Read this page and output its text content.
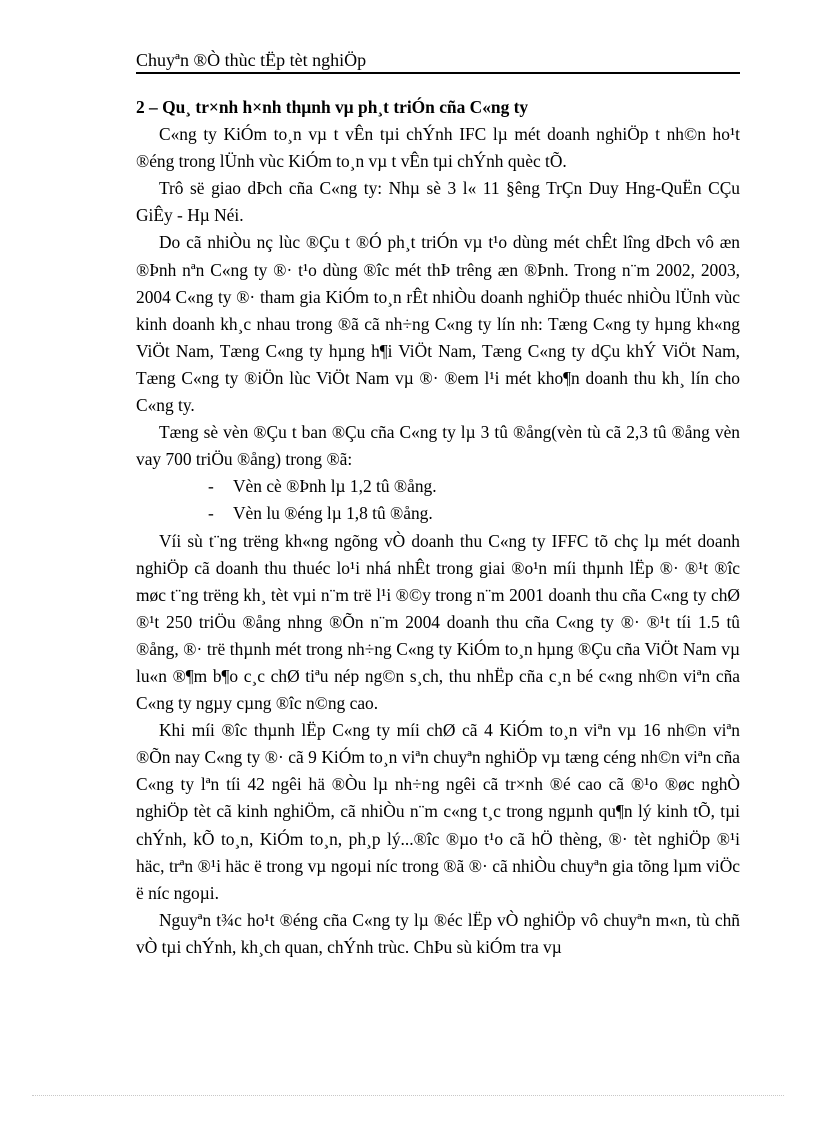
Chuyªn ®Ò thùc tËp tèt nghiÖp
2 – Qu¸ tr×nh h×nh thµnh vµ ph¸t triÓn cña C«ng ty

C«ng ty KiÓm to¸n vµ t vÊn tµi chÝnh IFC lµ mét doanh nghiÖp t nh©n ho¹t ®éng trong lÜnh vùc KiÓm to¸n vµ t vÊn tµi chÝnh quèc tÕ.

Trô së giao dÞch cña C«ng ty: Nhµ sè 3 l« 11 §êng TrÇn Duy Hng-QuËn CÇu GiÊy - Hµ Néi.

Do cã nhiÒu nç lùc ®Çu t ®Ó ph¸t triÓn vµ t¹o dùng mét chÊt lîng dÞch vô æn ®Þnh nªn C«ng ty ®· t¹o dùng ®îc mét thÞ trêng æn ®Þnh. Trong n¨m 2002, 2003, 2004 C«ng ty ®· tham gia KiÓm to¸n rÊt nhiÒu doanh nghiÖp thuéc nhiÒu lÜnh vùc kinh doanh kh¸c nhau trong ®ã cã nh÷ng C«ng ty lín nh: Tæng C«ng ty hµng kh«ng ViÖt Nam, Tæng C«ng ty hµng h¶i ViÖt Nam, Tæng C«ng ty dÇu khÝ ViÖt Nam, Tæng C«ng ty ®iÖn lùc ViÖt Nam vµ ®· ®em l¹i mét kho¶n doanh thu kh¸ lín cho C«ng ty.

Tæng sè vèn ®Çu t ban ®Çu cña C«ng ty lµ 3 tû ®ång(vèn tù cã 2,3 tû ®ång vèn vay 700 triÖu ®ång) trong ®ã:

- Vèn cè ®Þnh lµ 1,2 tû ®ång.
- Vèn lu ®éng lµ 1,8 tû ®ång.

Víi sù t¨ng trëng kh«ng ngõng vÒ doanh thu C«ng ty IFFC tõ chç lµ mét doanh nghiÖp cã doanh thu thuéc lo¹i nhá nhÊt trong giai ®o¹n míi thµnh lËp ®· ®¹t ®îc møc t¨ng trëng kh¸ tèt vµi n¨m trë l¹i ®©y trong n¨m 2001 doanh thu cña C«ng ty chØ ®¹t 250 triÖu ®ång nhng ®Õn n¨m 2004 doanh thu cña C«ng ty ®· ®¹t tíi 1.5 tû ®ång, ®· trë thµnh mét trong nh÷ng C«ng ty KiÓm to¸n hµng ®Çu cña ViÖt Nam vµ lu«n ®¶m b¶o c¸c chØ tiªu nép ng©n s¸ch, thu nhËp cña c¸n bé c«ng nh©n viªn cña C«ng ty ngµy cµng ®îc n©ng cao.

Khi míi ®îc thµnh lËp C«ng ty míi chØ cã 4 KiÓm to¸n viªn vµ 16 nh©n viªn ®Õn nay C«ng ty ®· cã 9 KiÓm to¸n viªn chuyªn nghiÖp vµ tæng céng nh©n viªn cña C«ng ty lªn tíi 42 ngêi hä ®Òu lµ nh÷ng ngêi cã tr×nh ®é cao cã ®¹o ®øc nghÒ nghiÖp tèt cã kinh nghiÖm, cã nhiÒu n¨m c«ng t¸c trong ngµnh qu¶n lý kinh tÕ, tµi chÝnh, kÕ to¸n, KiÓm to¸n, ph¸p lý...®îc ®µo t¹o cã hÖ thèng, ®· tèt nghiÖp ®¹i häc, trªn ®¹i häc ë trong vµ ngoµi níc trong ®ã ®· cã nhiÒu chuyªn gia tõng lµm viÖc ë níc ngoµi.

Nguyªn t¾c ho¹t ®éng cña C«ng ty lµ ®éc lËp vÒ nghiÖp vô chuyªn m«n, tù chñ vÒ tµi chÝnh, kh¸ch quan, chÝnh trùc. ChÞu sù kiÓm tra vµ
